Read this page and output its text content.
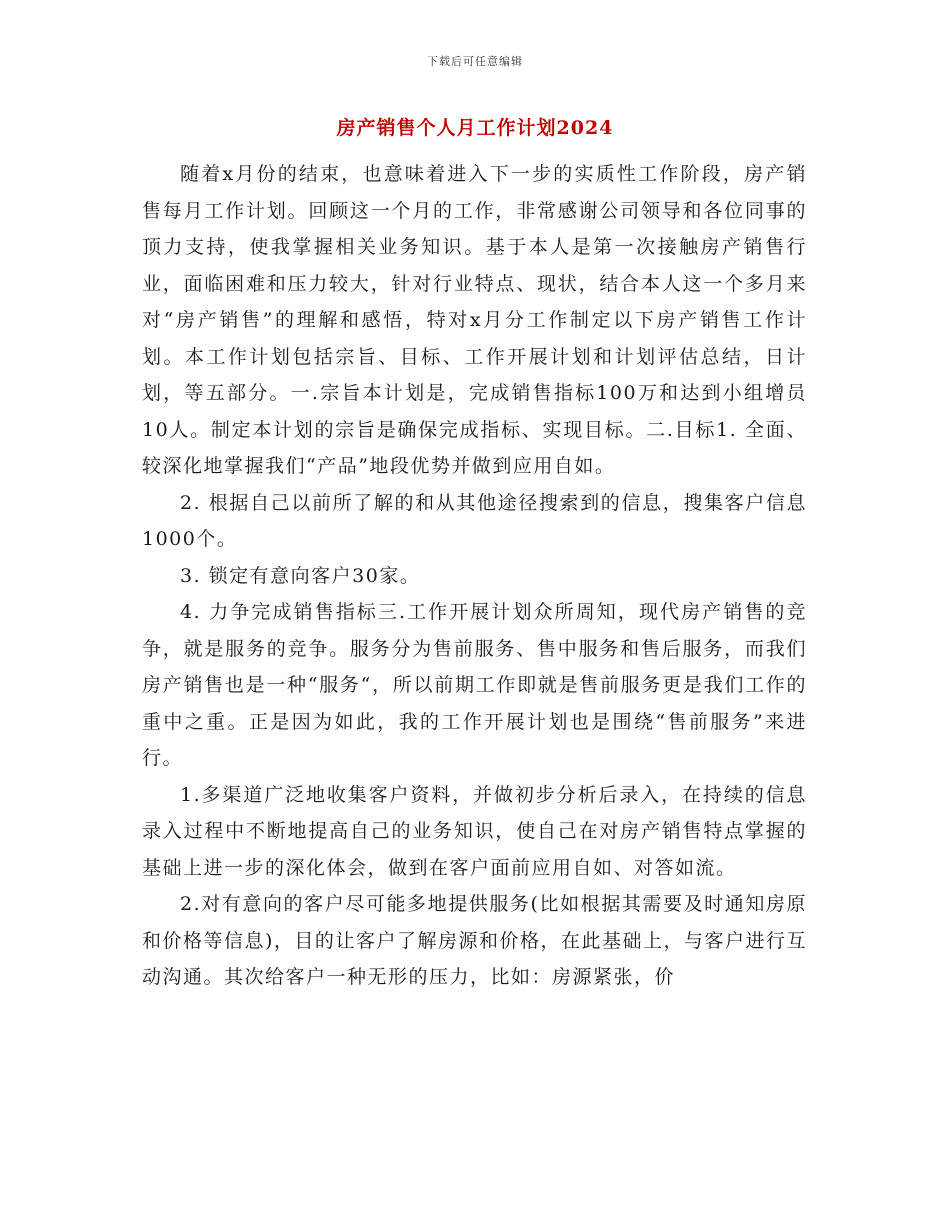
下载后可任意编辑
房产销售个人月工作计划2024

随着x月份的结束，也意味着进入下一步的实质性工作阶段，房产销售每月工作计划。回顾这一个月的工作，非常感谢公司领导和各位同事的顶力支持，使我掌握相关业务知识。基于本人是第一次接触房产销售行业，面临困难和压力较大，针对行业特点、现状，结合本人这一个多月来对“房产销售”的理解和感悟，特对x月分工作制定以下房产销售工作计划。本工作计划包括宗旨、目标、工作开展计划和计划评估总结，日计划，等五部分。一.宗旨本计划是，完成销售指标100万和达到小组增员10人。制定本计划的宗旨是确保完成指标、实现目标。二.目标1. 全面、较深化地掌握我们“产品”地段优势并做到应用自如。

2. 根据自己以前所了解的和从其他途径搜索到的信息，搜集客户信息1000个。

3. 锁定有意向客户30家。

4. 力争完成销售指标三.工作开展计划众所周知，现代房产销售的竞争，就是服务的竞争。服务分为售前服务、售中服务和售后服务，而我们房产销售也是一种“服务“，所以前期工作即就是售前服务更是我们工作的重中之重。正是因为如此，我的工作开展计划也是围绕“售前服务”来进行。

1.多渠道广泛地收集客户资料，并做初步分析后录入，在持续的信息录入过程中不断地提高自己的业务知识，使自己在对房产销售特点掌握的基础上进一步的深化体会，做到在客户面前应用自如、对答如流。

2.对有意向的客户尽可能多地提供服务(比如根据其需要及时通知房原和价格等信息)，目的让客户了解房源和价格，在此基础上，与客户进行互动沟通。其次给客户一种无形的压力，比如：房源紧张，价
